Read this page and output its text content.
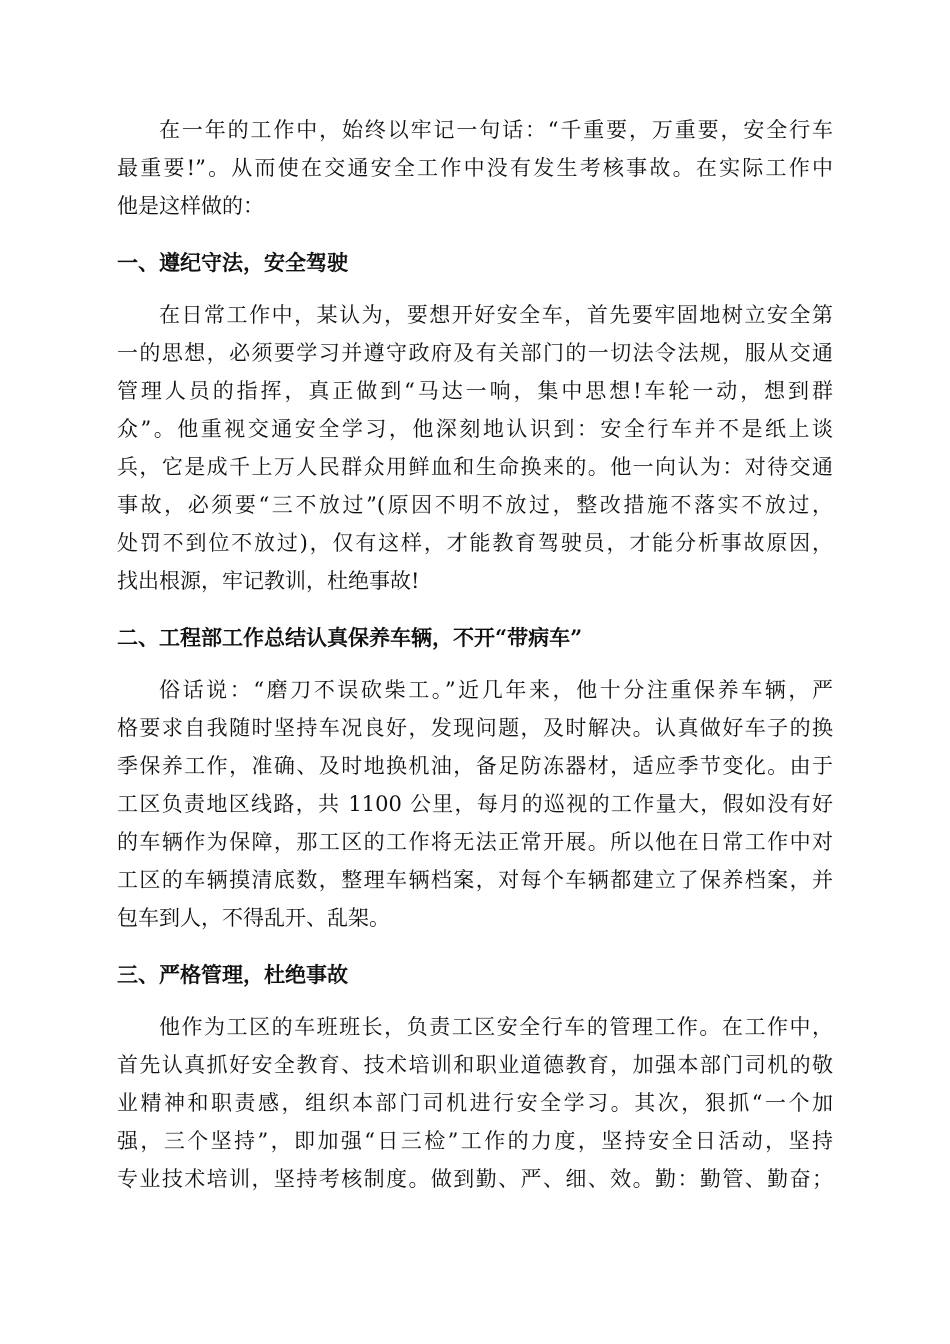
在一年的工作中，始终以牢记一句话：“千重要，万重要，安全行车
最重要!”。从而使在交通安全工作中没有发生考核事故。在实际工作中
他是这样做的：
一、遵纪守法，安全驾驶
在日常工作中，某认为，要想开好安全车，首先要牢固地树立安全第
一的思想，必须要学习并遵守政府及有关部门的一切法令法规，服从交通
管理人员的指挥，真正做到“马达一响，集中思想!车轮一动，想到群
众”。他重视交通安全学习，他深刻地认识到：安全行车并不是纸上谈
兵，它是成千上万人民群众用鲜血和生命换来的。他一向认为：对待交通
事故，必须要“三不放过”(原因不明不放过，整改措施不落实不放过，
处罚不到位不放过)，仅有这样，才能教育驾驶员，才能分析事故原因，
找出根源，牢记教训，杜绝事故!
二、工程部工作总结认真保养车辆，不开“带病车”
俗话说：“磨刀不误砍柴工。”近几年来，他十分注重保养车辆，严
格要求自我随时坚持车况良好，发现问题，及时解决。认真做好车子的换
季保养工作，准确、及时地换机油，备足防冻器材，适应季节变化。由于
工区负责地区线路，共 1100 公里，每月的巡视的工作量大，假如没有好
的车辆作为保障，那工区的工作将无法正常开展。所以他在日常工作中对
工区的车辆摸清底数，整理车辆档案，对每个车辆都建立了保养档案，并
包车到人，不得乱开、乱架。
三、严格管理，杜绝事故
他作为工区的车班班长，负责工区安全行车的管理工作。在工作中，
首先认真抓好安全教育、技术培训和职业道德教育，加强本部门司机的敬
业精神和职责感，组织本部门司机进行安全学习。其次，狠抓“一个加
强，三个坚持”，即加强“日三检”工作的力度，坚持安全日活动，坚持
专业技术培训，坚持考核制度。做到勤、严、细、效。勤：勤管、勤奋；
